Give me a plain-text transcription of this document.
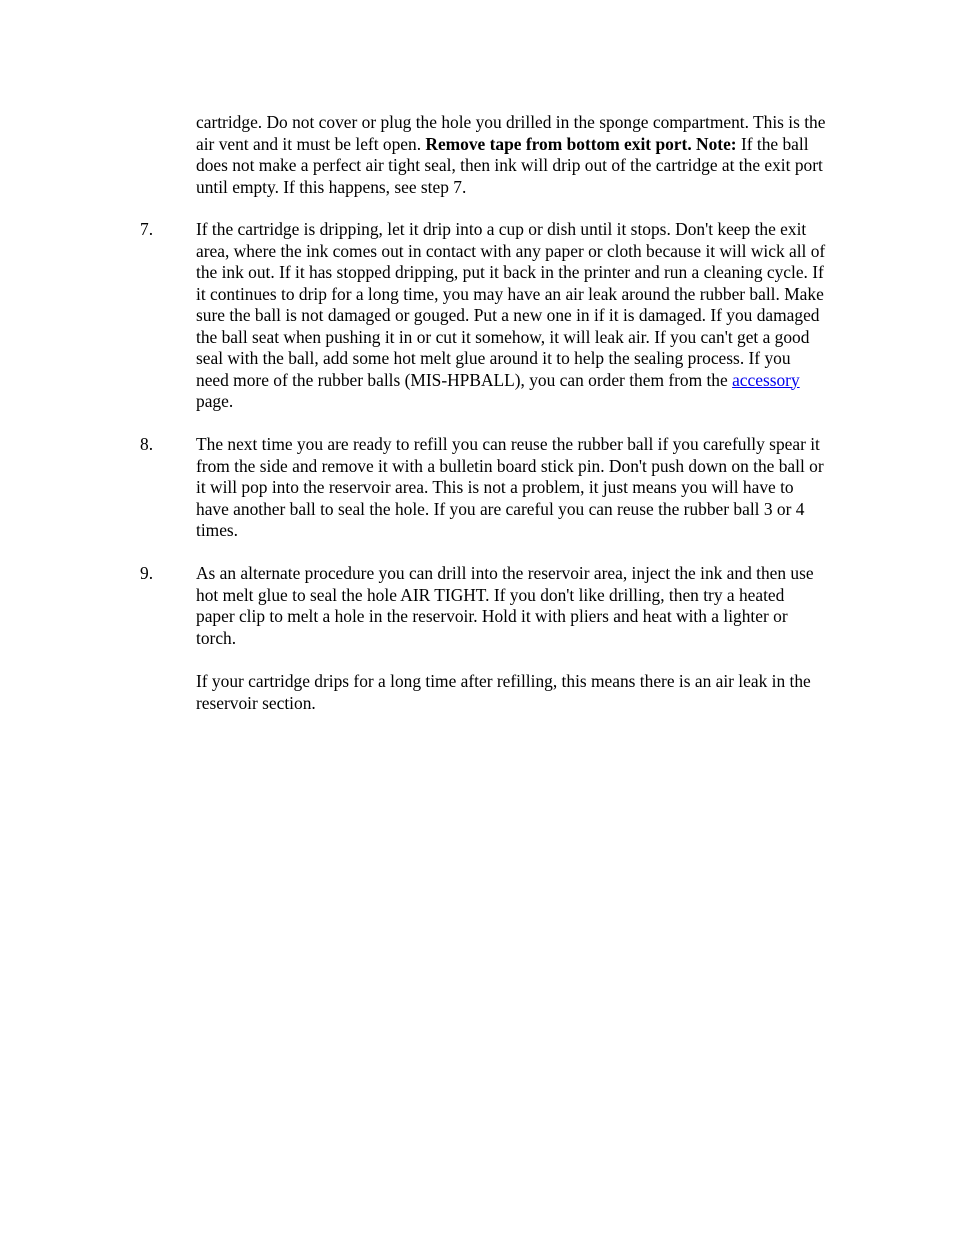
cartridge. Do not cover or plug the hole you drilled in the sponge compartment. This is the air vent and it must be left open. Remove tape from bottom exit port. Note: If the ball does not make a perfect air tight seal, then ink will drip out of the cartridge at the exit port until empty. If this happens, see step 7.

7. If the cartridge is dripping, let it drip into a cup or dish until it stops. Don't keep the exit area, where the ink comes out in contact with any paper or cloth because it will wick all of the ink out. If it has stopped dripping, put it back in the printer and run a cleaning cycle. If it continues to drip for a long time, you may have an air leak around the rubber ball. Make sure the ball is not damaged or gouged. Put a new one in if it is damaged. If you damaged the ball seat when pushing it in or cut it somehow, it will leak air. If you can't get a good seal with the ball, add some hot melt glue around it to help the sealing process. If you need more of the rubber balls (MIS-HPBALL), you can order them from the accessory page.

8. The next time you are ready to refill you can reuse the rubber ball if you carefully spear it from the side and remove it with a bulletin board stick pin. Don't push down on the ball or it will pop into the reservoir area. This is not a problem, it just means you will have to have another ball to seal the hole. If you are careful you can reuse the rubber ball 3 or 4 times.

9. As an alternate procedure you can drill into the reservoir area, inject the ink and then use hot melt glue to seal the hole AIR TIGHT. If you don't like drilling, then try a heated paper clip to melt a hole in the reservoir. Hold it with pliers and heat with a lighter or torch.

If your cartridge drips for a long time after refilling, this means there is an air leak in the reservoir section.
